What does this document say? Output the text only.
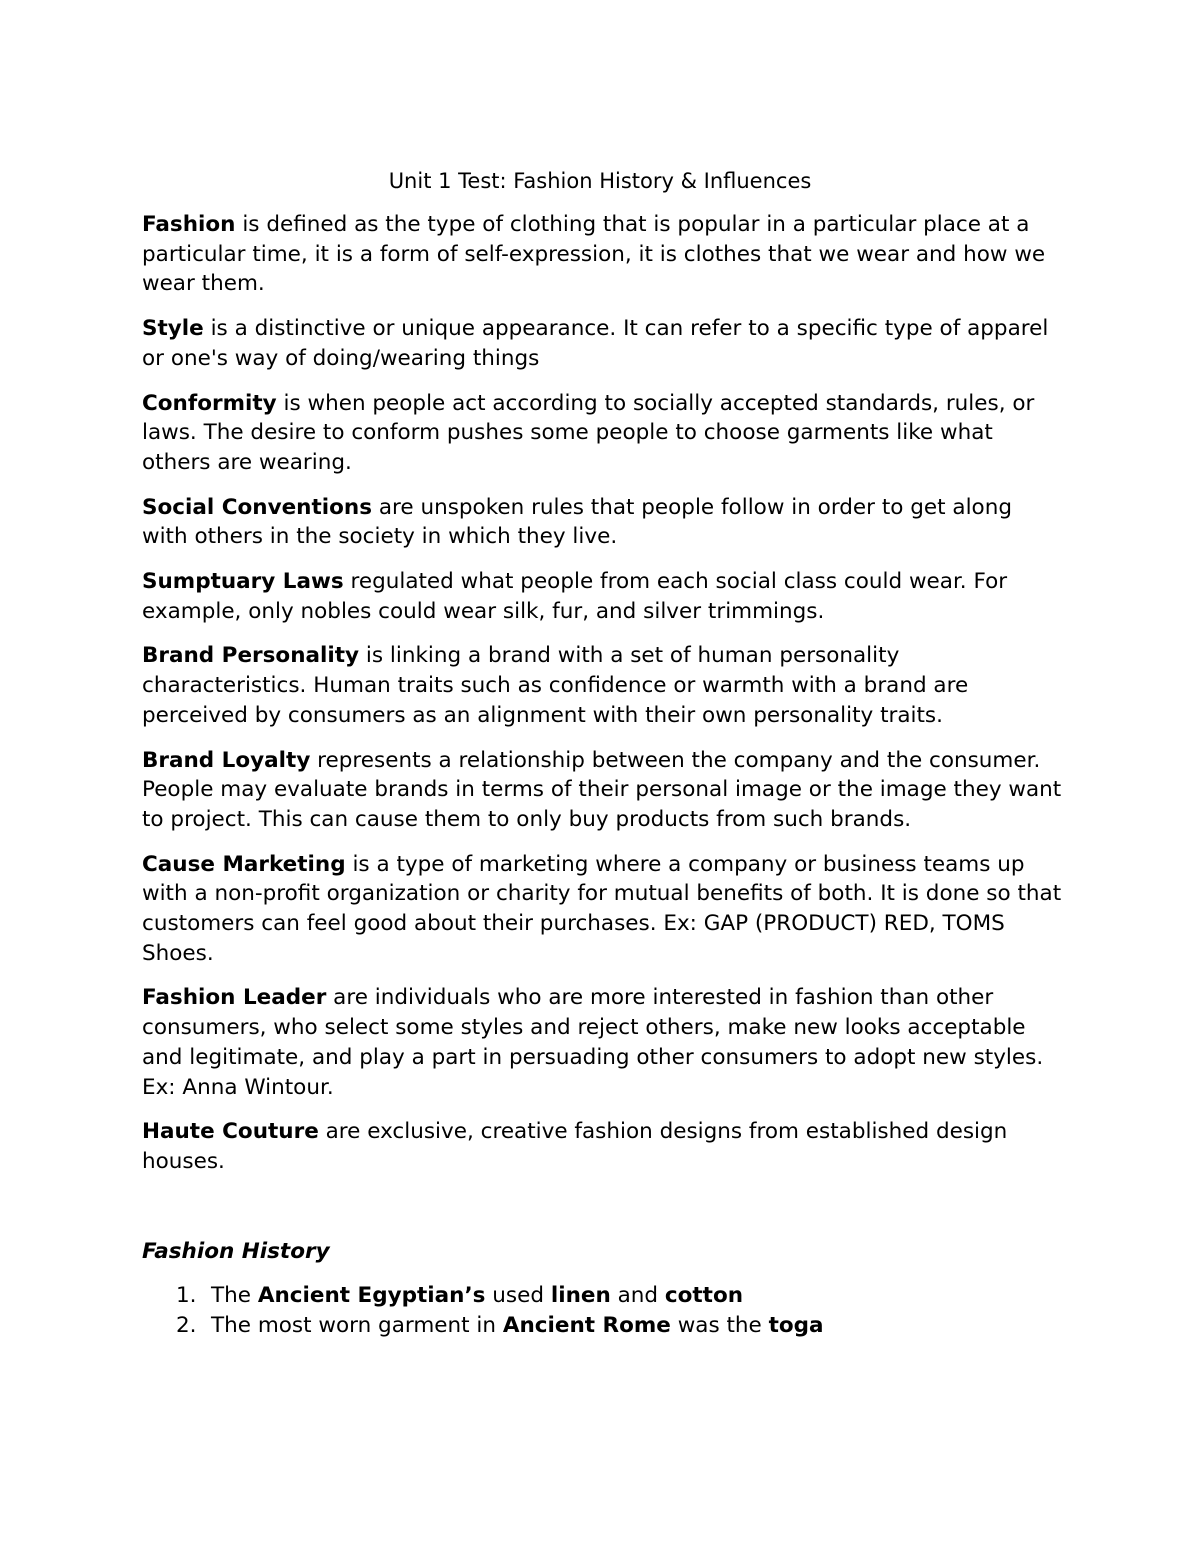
Unit 1 Test: Fashion History & Influences

Fashion is defined as the type of clothing that is popular in a particular place at a particular time, it is a form of self-expression, it is clothes that we wear and how we wear them.

Style is a distinctive or unique appearance. It can refer to a specific type of apparel or one's way of doing/wearing things

Conformity is when people act according to socially accepted standards, rules, or laws. The desire to conform pushes some people to choose garments like what others are wearing.

Social Conventions are unspoken rules that people follow in order to get along with others in the society in which they live.

Sumptuary Laws regulated what people from each social class could wear. For example, only nobles could wear silk, fur, and silver trimmings.

Brand Personality is linking a brand with a set of human personality characteristics. Human traits such as confidence or warmth with a brand are perceived by consumers as an alignment with their own personality traits.

Brand Loyalty represents a relationship between the company and the consumer. People may evaluate brands in terms of their personal image or the image they want to project. This can cause them to only buy products from such brands.

Cause Marketing is a type of marketing where a company or business teams up with a non-profit organization or charity for mutual benefits of both. It is done so that customers can feel good about their purchases. Ex: GAP (PRODUCT) RED, TOMS Shoes.

Fashion Leader are individuals who are more interested in fashion than other consumers, who select some styles and reject others, make new looks acceptable and legitimate, and play a part in persuading other consumers to adopt new styles. Ex: Anna Wintour.

Haute Couture are exclusive, creative fashion designs from established design houses.

Fashion History
1. The Ancient Egyptian’s used linen and cotton
2. The most worn garment in Ancient Rome was the toga
